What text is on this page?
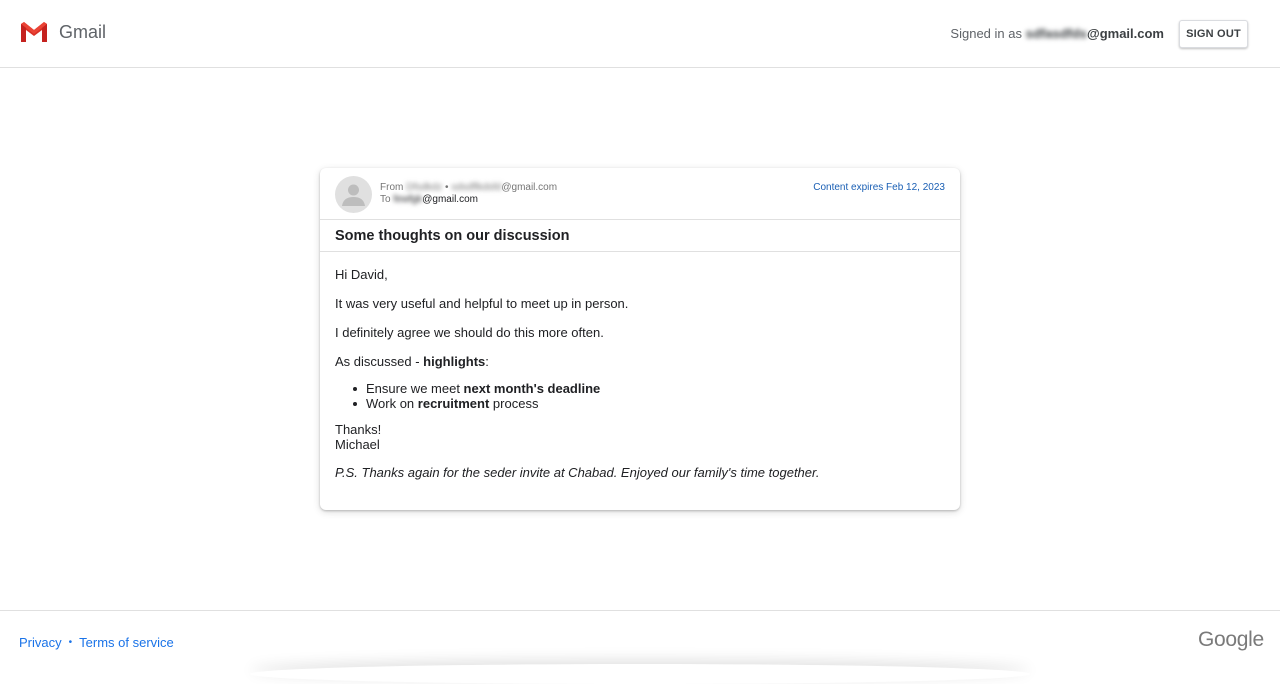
Gmail	Signed in as sdfasdfds@gmail.com	SIGN OUT
From Dfsdkdz • sdsdflkdsfd@gmail.com
To fewfgk@gmail.com
Content expires Feb 12, 2023
Some thoughts on our discussion

Hi David,

It was very useful and helpful to meet up in person.

I definitely agree we should do this more often.

As discussed - highlights:

Ensure we meet next month's deadline
Work on recruitment process
Thanks!
Michael

P.S. Thanks again for the seder invite at Chabad. Enjoyed our family's time together.

Privacy • Terms of service	Google
